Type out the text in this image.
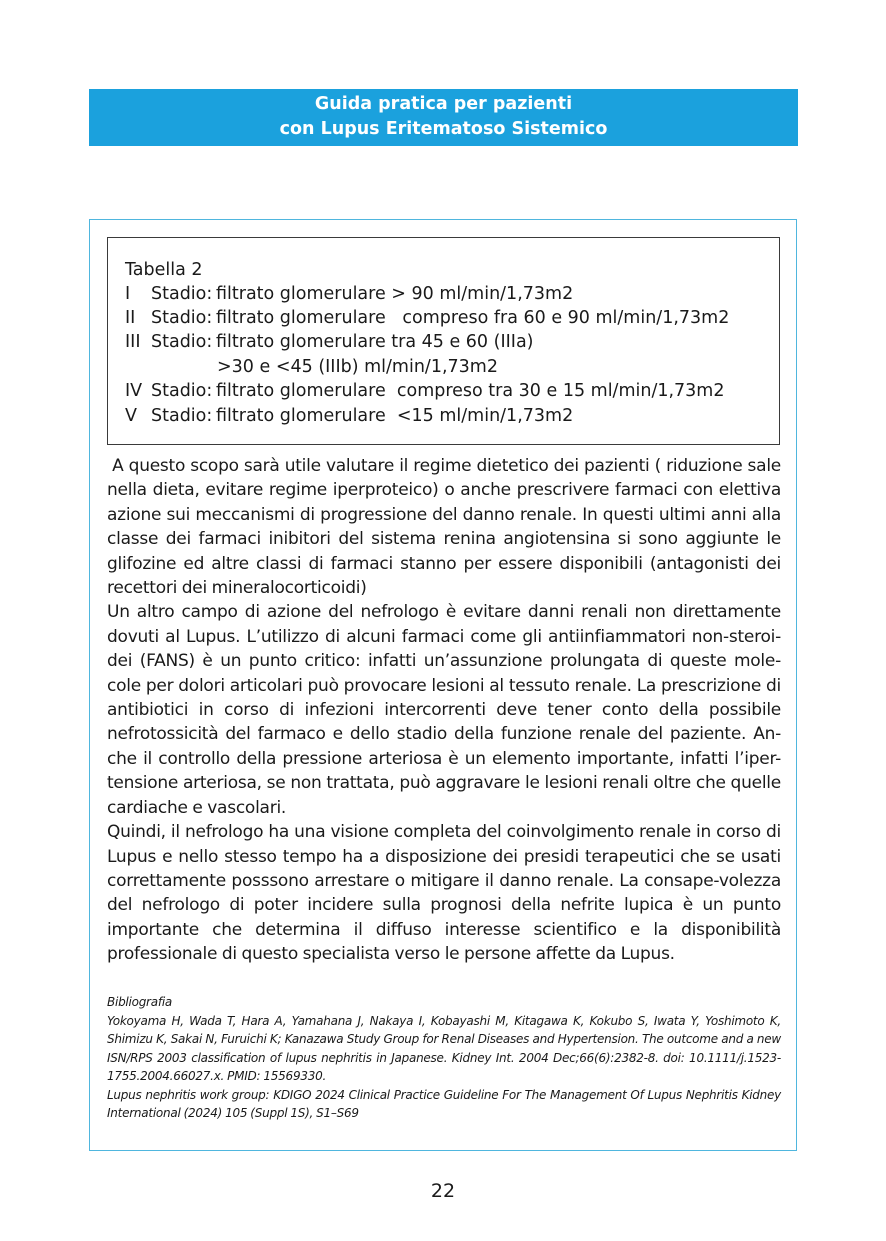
Guida pratica per pazienti
con Lupus Eritematoso Sistemico
Tabella 2
I Stadio: filtrato glomerulare > 90 ml/min/1,73m2
II Stadio: filtrato glomerulare   compreso fra 60 e 90 ml/min/1,73m2
III Stadio: filtrato glomerulare tra 45 e 60 (IIIa)
>30 e <45 (IIIb) ml/min/1,73m2
IV Stadio: filtrato glomerulare  compreso tra 30 e 15 ml/min/1,73m2
V Stadio: filtrato glomerulare  <15 ml/min/1,73m2

A questo scopo sarà utile valutare il regime dietetico dei pazienti ( riduzione sale nella dieta, evitare regime iperproteico) o anche prescrivere farmaci con elettiva azione sui meccanismi di progressione del danno renale. In questi ultimi anni alla classe dei farmaci inibitori del sistema renina angiotensina si sono aggiunte le glifozine ed altre classi di farmaci stanno per essere disponibili (antagonisti dei recettori dei mineralocorticoidi)

Un altro campo di azione del nefrologo è evitare danni renali non direttamente dovuti al Lupus. L’utilizzo di alcuni farmaci come gli antiinfiammatori non-steroi-dei (FANS) è un punto critico: infatti un’assunzione prolungata di queste mole-cole per dolori articolari può provocare lesioni al tessuto renale. La prescrizione di antibiotici in corso di infezioni intercorrenti deve tener conto della possibile nefrotossicità del farmaco e dello stadio della funzione renale del paziente. An-che il controllo della pressione arteriosa è un elemento importante, infatti l’iper-tensione arteriosa, se non trattata, può aggravare le lesioni renali oltre che quelle cardiache e vascolari.

Quindi, il nefrologo ha una visione completa del coinvolgimento renale in corso di Lupus e nello stesso tempo ha a disposizione dei presidi terapeutici che se usati correttamente posssono arrestare o mitigare il danno renale. La consape-volezza del nefrologo di poter incidere sulla prognosi della nefrite lupica è un punto importante che determina il diffuso interesse scientifico e la disponibilità professionale di questo specialista verso le persone affette da Lupus.

Bibliografia

Yokoyama H, Wada T, Hara A, Yamahana J, Nakaya I, Kobayashi M, Kitagawa K, Kokubo S, Iwata Y, Yoshimoto K, Shimizu K, Sakai N, Furuichi K; Kanazawa Study Group for Renal Diseases and Hypertension. The outcome and a new ISN/RPS 2003 classification of lupus nephritis in Japanese. Kidney Int. 2004 Dec;66(6):2382-8. doi: 10.1111/j.1523-1755.2004.66027.x. PMID: 15569330.

Lupus nephritis work group: KDIGO 2024 Clinical Practice Guideline For The Management Of Lupus Nephritis Kidney International (2024) 105 (Suppl 1S), S1–S69

22
